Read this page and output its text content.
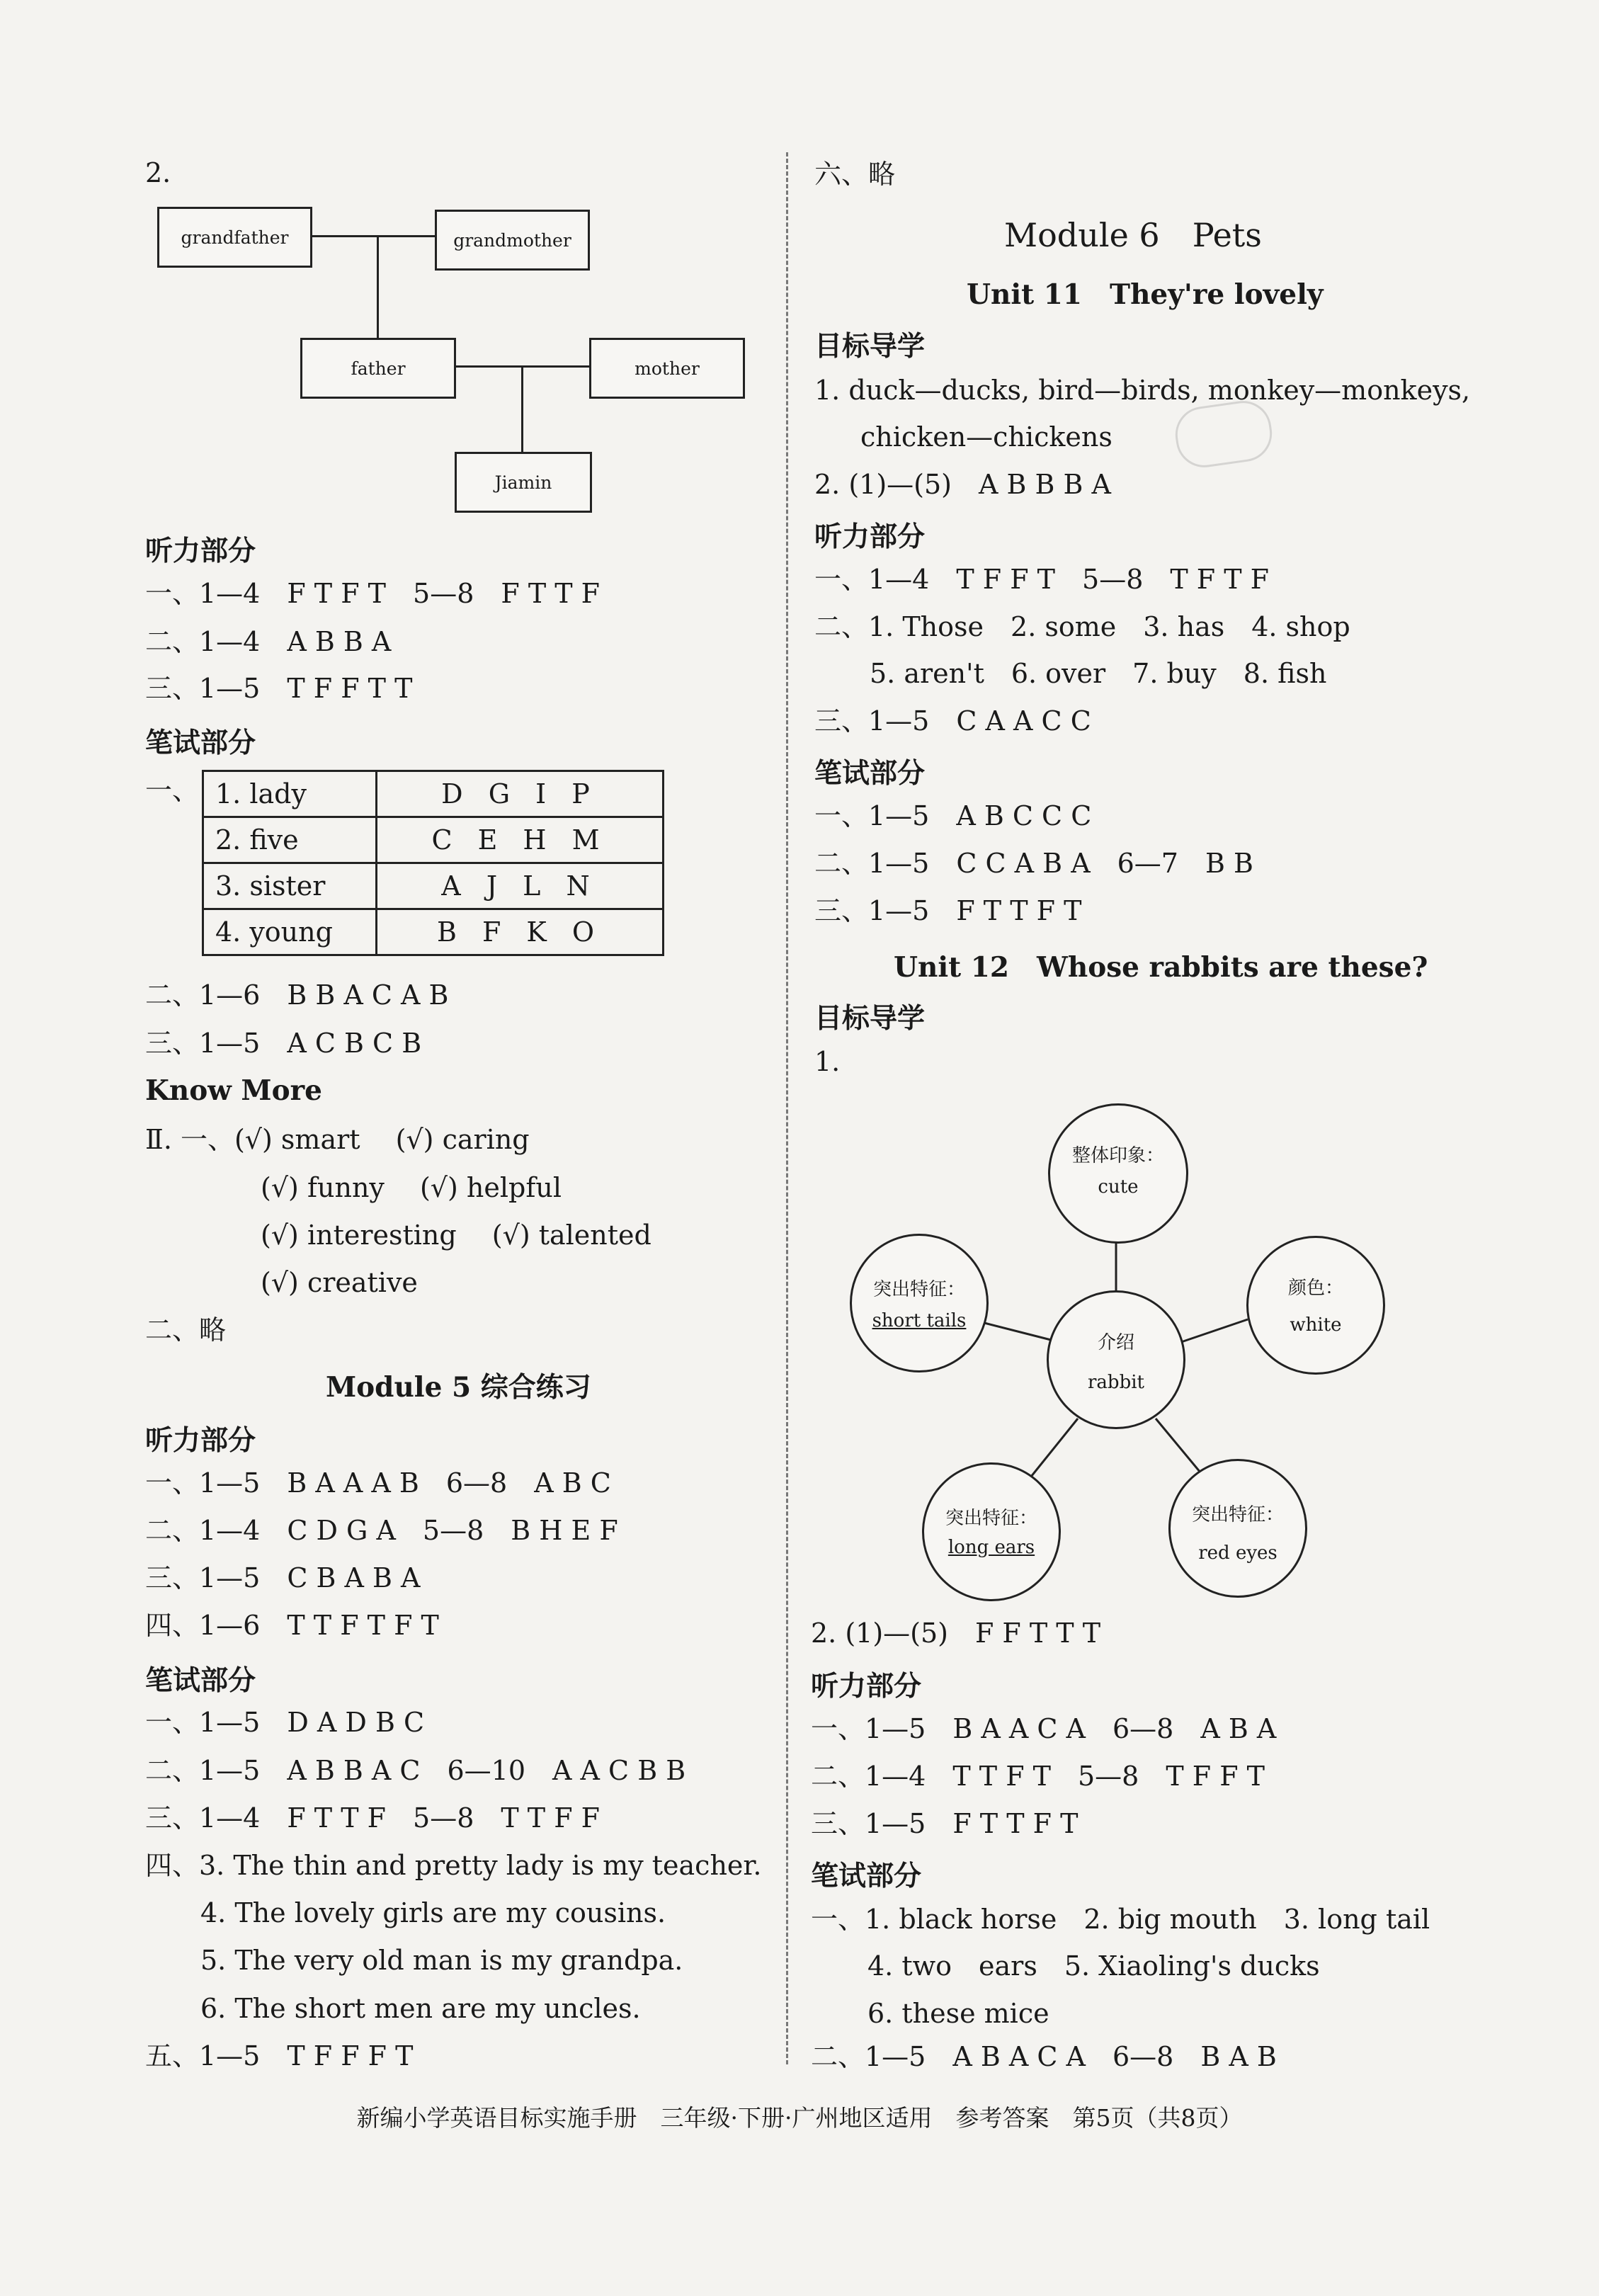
2.
grandfather	grandmother
father	mother
Jiamin
听力部分
一、1—4　F T F T　5—8　F T T F
二、1—4　A B B A
三、1—5　T F F T T
笔试部分
一、 1. lady	D G I P
2. five	C E H M
3. sister	A J L N
4. young	B F K O
二、1—6　B B A C A B
三、1—5　A C B C B
Know More
Ⅱ. 一、(√) smart　 (√) caring
(√) funny　 (√) helpful
(√) interesting　 (√) talented
(√) creative
二、略
Module 5 综合练习
听力部分
一、1—5　B A A A B　6—8　A B C
二、1—4　C D G A　5—8　B H E F
三、1—5　C B A B A
四、1—6　T T F T F T
笔试部分
一、1—5　D A D B C
二、1—5　A B B A C　6—10　A A C B B
三、1—4　F T T F　5—8　T T F F
四、3. The thin and pretty lady is my teacher.
4. The lovely girls are my cousins.
5. The very old man is my grandpa.
6. The short men are my uncles.
五、1—5　T F F F T
六、略
Module 6　Pets
Unit 11　They're lovely
目标导学
1. duck—ducks, bird—birds, monkey—monkeys,
chicken—chickens
2. (1)—(5)　A B B B A
听力部分
一、1—4　T F F T　5—8　T F T F
二、1. Those　2. some　3. has　4. shop
5. aren't　6. over　7. buy　8. fish
三、1—5　C A A C C
笔试部分
一、1—5　A B C C C
二、1—5　C C A B A　6—7　B B
三、1—5　F T T F T
Unit 12　Whose rabbits are these?
目标导学
1.
介绍
rabbit
整体印象：
cute
突出特征：
short tails
颜色：
white
突出特征：
long ears
突出特征：
red eyes
2. (1)—(5)　F F T T T
听力部分
一、1—5　B A A C A　6—8　A B A
二、1—4　T T F T　5—8　T F F T
三、1—5　F T T F T
笔试部分
一、1. black horse　2. big mouth　3. long tail
4. two　ears　5. Xiaoling's ducks
6. these mice
二、1—5　A B A C A　6—8　B A B
新编小学英语目标实施手册　三年级·下册·广州地区适用　参考答案　第5页（共8页）
